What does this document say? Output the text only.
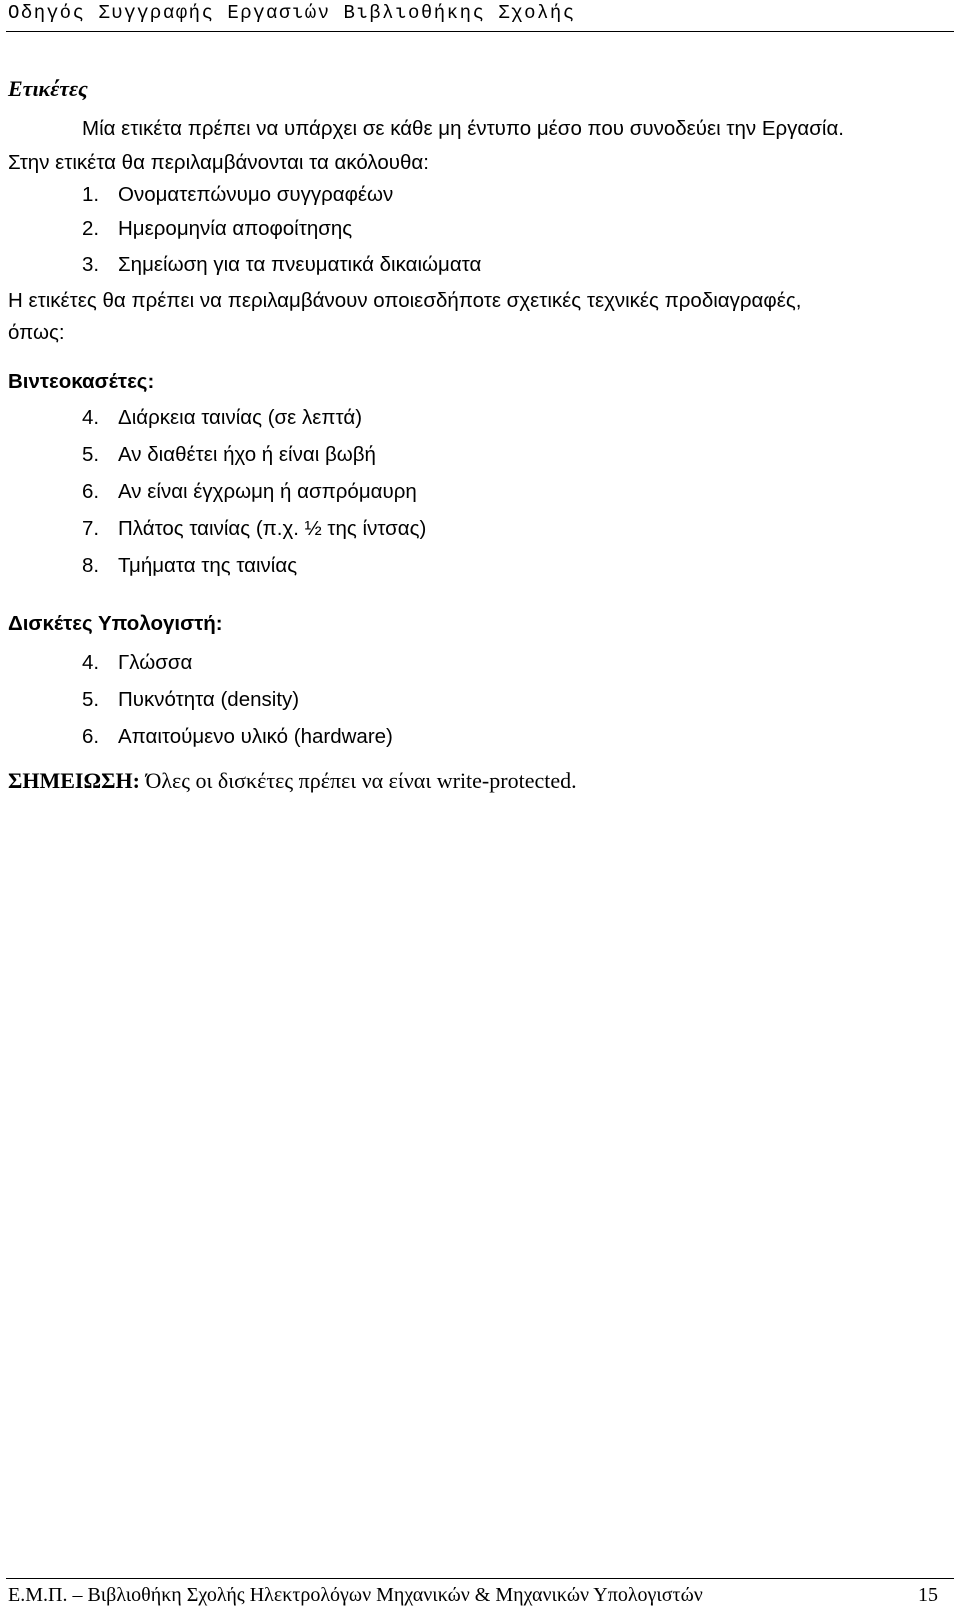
Οδηγός Συγγραφής Εργασιών Βιβλιοθήκης Σχολής
Ετικέτες
Μία ετικέτα πρέπει να υπάρχει σε κάθε μη έντυπο μέσο που συνοδεύει την Εργασία.
Στην ετικέτα θα περιλαμβάνονται τα ακόλουθα:
1. Ονοματεπώνυμο συγγραφέων
2. Ημερομηνία αποφοίτησης
3. Σημείωση για τα πνευματικά δικαιώματα
Η ετικέτες θα πρέπει να περιλαμβάνουν οποιεσδήποτε σχετικές τεχνικές προδιαγραφές,
όπως:
Βιντεοκασέτες:
4. Διάρκεια ταινίας (σε λεπτά)
5. Αν διαθέτει ήχο ή είναι βωβή
6. Αν είναι έγχρωμη ή ασπρόμαυρη
7. Πλάτος ταινίας (π.χ. ½ της ίντσας)
8. Τμήματα της ταινίας
Δισκέτες Υπολογιστή:
4. Γλώσσα
5. Πυκνότητα (density)
6. Απαιτούμενο υλικό (hardware)
ΣΗΜΕΙΩΣΗ: Όλες οι δισκέτες πρέπει να είναι write-protected.
Ε.Μ.Π. – Βιβλιοθήκη Σχολής Ηλεκτρολόγων Μηχανικών & Μηχανικών Υπολογιστών	15
